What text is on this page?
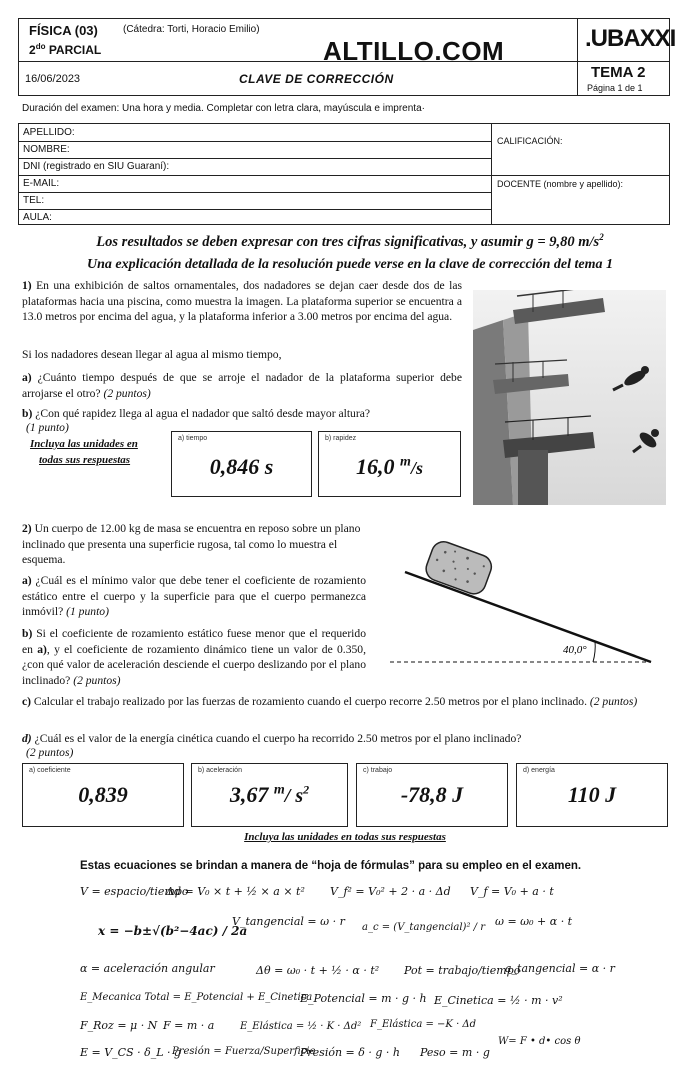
FÍSICA (03)	(Cátedra: Torti, Horacio Emilio)
$2^{do}$ PARCIAL	ALTILLO.COM	.UBAXXI
16/06/2023	CLAVE DE CORRECCIÓN	TEMA 2
Página 1 de 1
Duración del examen: Una hora y media. Completar con letra clara, mayúscula e imprenta·
APELLIDO:
NOMBRE:
DNI (registrado en SIU Guaraní):
E-MAIL:
TEL:
AULA:
CALIFICACIÓN:
DOCENTE (nombre y apellido):
Los resultados se deben expresar con tres cifras significativas, y asumir g = 9,80 $m/s^2$
Una explicación detallada de la resolución puede verse en la clave de corrección del tema 1
1) En una exhibición de saltos ornamentales, dos nadadores se dejan caer desde dos de las plataformas hacia una piscina, como muestra la imagen. La plataforma superior se encuentra a 13.0 metros por encima del agua, y la plataforma inferior a 3.00 metros por encima del agua.
Si los nadadores desean llegar al agua al mismo tiempo,
a) ¿Cuánto tiempo después de que se arroje el nadador de la plataforma superior debe arrojarse el otro? (2 puntos)
b) ¿Con qué rapidez llega al agua el nadador que saltó desde mayor altura?
(1 punto)
Incluya las unidades en
todas sus respuestas
a) tiempo
0,846 s
b) rapidez
16,0 $^m$/s
2) Un cuerpo de 12.00 kg de masa se encuentra en reposo sobre un plano inclinado que presenta una superficie rugosa, tal como lo muestra el esquema.
a) ¿Cuál es el mínimo valor que debe tener el coeficiente de rozamiento estático entre el cuerpo y la superficie para que el cuerpo permanezca inmóvil? (1 punto)
b) Si el coeficiente de rozamiento estático fuese menor que el requerido en a), y el coeficiente de rozamiento dinámico tiene un valor de 0.350, ¿con qué valor de aceleración desciende el cuerpo deslizando por el plano inclinado? (2 puntos)
c) Calcular el trabajo realizado por las fuerzas de rozamiento cuando el cuerpo recorre 2.50 metros por el plano inclinado. (2 puntos)
d) ¿Cuál es el valor de la energía cinética cuando el cuerpo ha recorrido 2.50 metros por el plano inclinado?
(2 puntos)
40,0°
a) coeficiente
0,839
b) aceleración
3,67 $^m$/ $s^2$
c) trabajo
-78,8 J
d) energía
110 J
Incluya las unidades en todas sus respuestas
Estas ecuaciones se brindan a manera de “hoja de fórmulas” para su empleo en el examen.
V = espacio/tiempo
Δd = V₀ × t + ½ × a × t² V_f² = V₀² + 2 · a · Δd V_f = V₀ + a · t
x = −b±√(b²−4ac) / 2a
V_tangencial = ω · r a_c = (V_tangencial)² / r ω = ω₀ + α · t
α = aceleración angular	Δθ = ω₀ · t + ½ · α · t² Pot = trabajo/tiempo
a_tangencial = α · r
E_Mecanica Total = E_Potencial + E_Cinetica
E_Potencial = m · g · h E_Cinetica = ½ · m · v²
F_Roz = μ · N F = m · a	E_Elástica = ½ · K · Δd² F_Elástica = −K · Δd
E = V_CS · δ_L · g
Presión = Fuerza/Superficie
Presión = δ · g · h Peso = m · g
W= F • d• cos θ
